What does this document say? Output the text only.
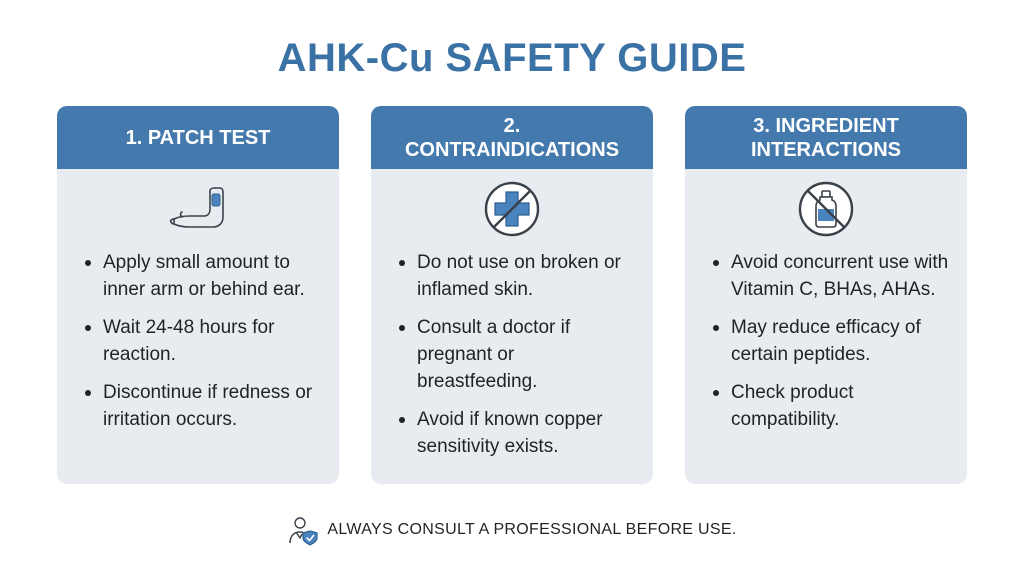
AHK-Cu SAFETY GUIDE
1. PATCH TEST
Apply small amount to inner arm or behind ear.
Wait 24-48 hours for reaction.
Discontinue if redness or irritation occurs.
2. CONTRAINDICATIONS
Do not use on broken or inflamed skin.
Consult a doctor if pregnant or breastfeeding.
Avoid if known copper sensitivity exists.
3. INGREDIENT INTERACTIONS
Avoid concurrent use with Vitamin C, BHAs, AHAs.
May reduce efficacy of certain peptides.
Check product compatibility.
ALWAYS CONSULT A PROFESSIONAL BEFORE USE.
